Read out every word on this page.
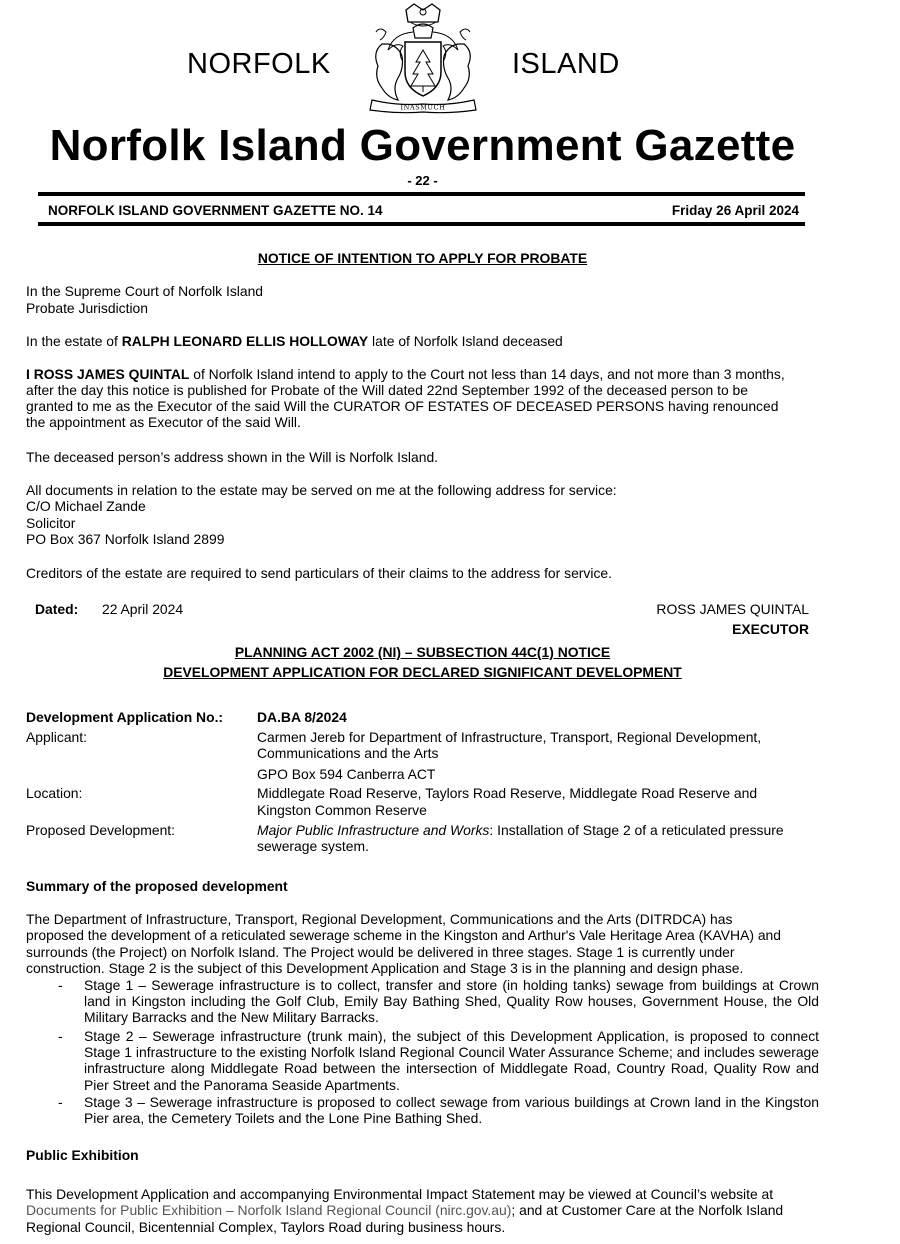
NORFOLK	ISLAND
INASMUCH
Norfolk Island Government Gazette
- 22 -
NORFOLK ISLAND GOVERNMENT GAZETTE NO. 14	Friday 26 April 2024
NOTICE OF INTENTION TO APPLY FOR PROBATE
In the Supreme Court of Norfolk Island
Probate Jurisdiction
In the estate of RALPH LEONARD ELLIS HOLLOWAY late of Norfolk Island deceased
I ROSS JAMES QUINTAL of Norfolk Island intend to apply to the Court not less than 14 days, and not more than 3 months,
after the day this notice is published for Probate of the Will dated 22nd September 1992 of the deceased person to be
granted to me as the Executor of the said Will the CURATOR OF ESTATES OF DECEASED PERSONS having renounced
the appointment as Executor of the said Will.
The deceased person’s address shown in the Will is Norfolk Island.
All documents in relation to the estate may be served on me at the following address for service:
C/O Michael Zande
Solicitor
PO Box 367 Norfolk Island 2899
Creditors of the estate are required to send particulars of their claims to the address for service.
Dated: 22 April 2024	ROSS JAMES QUINTAL
EXECUTOR
PLANNING ACT 2002 (NI) – SUBSECTION 44C(1) NOTICE
DEVELOPMENT APPLICATION FOR DECLARED SIGNIFICANT DEVELOPMENT
Development Application No.: DA.BA 8/2024
Applicant:	Carmen Jereb for Department of Infrastructure, Transport, Regional Development,
Communications and the Arts
GPO Box 594 Canberra ACT
Location:	Middlegate Road Reserve, Taylors Road Reserve, Middlegate Road Reserve and
Kingston Common Reserve
Proposed Development:	Major Public Infrastructure and Works: Installation of Stage 2 of a reticulated pressure
sewerage system.
Summary of the proposed development
The Department of Infrastructure, Transport, Regional Development, Communications and the Arts (DITRDCA) has
proposed the development of a reticulated sewerage scheme in the Kingston and Arthur's Vale Heritage Area (KAVHA) and
surrounds (the Project) on Norfolk Island. The Project would be delivered in three stages. Stage 1 is currently under
construction. Stage 2 is the subject of this Development Application and Stage 3 is in the planning and design phase.
- Stage 1 – Sewerage infrastructure is to collect, transfer and store (in holding tanks) sewage from buildings at Crown land in Kingston including the Golf Club, Emily Bay Bathing Shed, Quality Row houses, Government House, the Old Military Barracks and the New Military Barracks.
- Stage 2 – Sewerage infrastructure (trunk main), the subject of this Development Application, is proposed to connect Stage 1 infrastructure to the existing Norfolk Island Regional Council Water Assurance Scheme; and includes sewerage infrastructure along Middlegate Road between the intersection of Middlegate Road, Country Road, Quality Row and Pier Street and the Panorama Seaside Apartments.
- Stage 3 – Sewerage infrastructure is proposed to collect sewage from various buildings at Crown land in the Kingston Pier area, the Cemetery Toilets and the Lone Pine Bathing Shed.
Public Exhibition
This Development Application and accompanying Environmental Impact Statement may be viewed at Council’s website at
Documents for Public Exhibition – Norfolk Island Regional Council (nirc.gov.au); and at Customer Care at the Norfolk Island
Regional Council, Bicentennial Complex, Taylors Road during business hours.
